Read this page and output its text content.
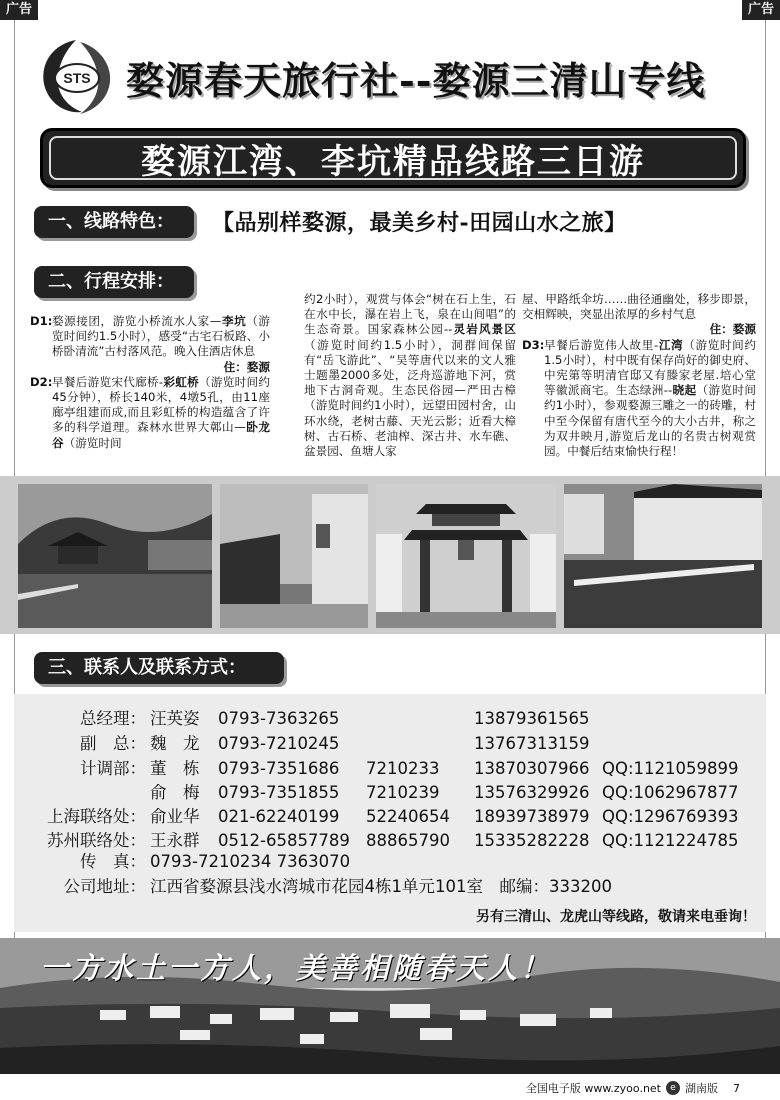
广告	广告
STS 婺源春天旅行社--婺源三清山专线
婺源江湾、李坑精品线路三日游
一、线路特色：	【品别样婺源，最美乡村-田园山水之旅】
二、行程安排：
D1: 婺源接团，游览小桥流水人家—李坑（游览时间约1.5小时），感受“古宅石板路、小桥卧清流”古村落风范。晚入住酒店休息
住：婺源
D2: 早餐后游览宋代廊桥-彩虹桥（游览时间约45分钟），桥长140米，4墩5孔，由11座廊亭组建而成,而且彩虹桥的构造蕴含了许多的科学道理。森林水世界大鄣山—卧龙谷（游览时间
约2小时），观赏与体会“树在石上生，石在水中长，瀑在岩上飞，泉在山间唱”的生态奇景。国家森林公园--灵岩风景区（游览时间约1.5小时），洞群间保留有“岳飞游此”、“吴等唐代以来的文人雅士题墨2000多处，泛舟巡游地下河，赏地下古洞奇观。生态民俗园—严田古樟（游览时间约1小时），远望田园村舍，山环水绕，老树古藤、天光云影；近看大樟树、古石桥、老油榨、深古井、水车礁、盆景园、鱼塘人家
屋、甲路纸伞坊……曲径通幽处，移步即景，交相辉映，突显出浓厚的乡村气息
住：婺源
D3: 早餐后游览伟人故里-江湾（游览时间约1.5小时），村中既有保存尚好的御史府、中宪第等明清官邸又有滕家老屋.培心堂等徽派商宅。生态绿洲--晓起（游览时间约1小时），参观婺源三雕之一的砖雕，村中至今保留有唐代至今的大小古井，称之为双井映月,游览后龙山的名贵古树观赏园。中餐后结束愉快行程！
三、联系人及联系方式：
总经理： 汪英姿 0793-7363265	13879361565
副　总： 魏　龙 0793-7210245	13767313159
计调部： 董　栋 0793-7351686 7210233 13870307966 QQ:1121059899
俞　梅 0793-7351855 7210239 13576329926 QQ:1062967877
上海联络处： 俞业华 021-62240199 52240654 18939738979 QQ:1296769393
苏州联络处： 王永群 0512-65857789 88865790 15335282228 QQ:1121224785
传　真： 0793-7210234 7363070
公司地址： 江西省婺源县浅水湾城市花园4栋1单元101室　邮编：333200
另有三清山、龙虎山等线路，敬请来电垂询！
一方水土一方人，美善相随春天人！
全国电子版 www.zyoo.net	e 湖南版 7
